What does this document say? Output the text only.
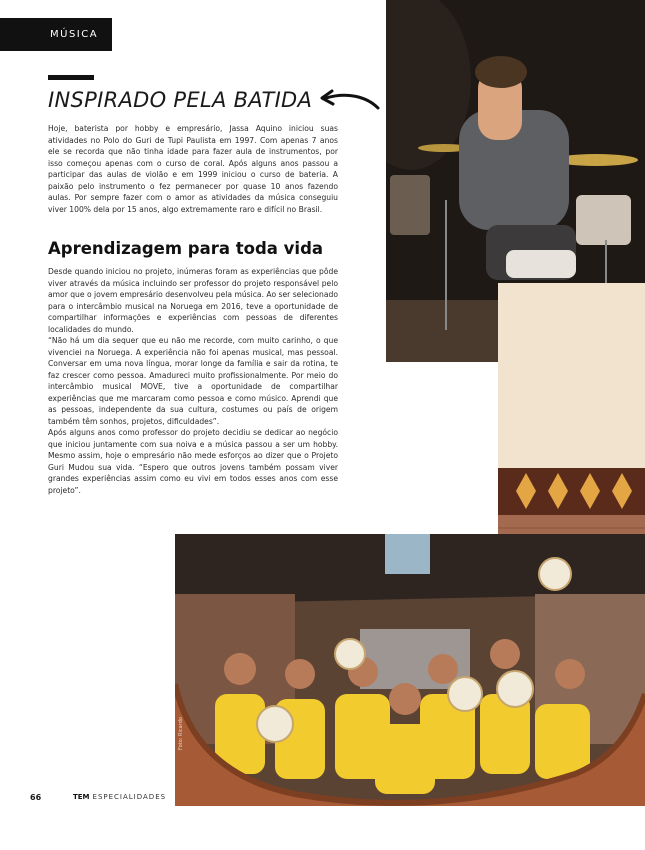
MÚSICA
INSPIRADO PELA BATIDA

Hoje, baterista por hobby e empresário, Jassa Aquino iniciou suas atividades no Polo do Guri de Tupi Paulista em 1997. Com apenas 7 anos ele se recorda que não tinha idade para fazer aula de instrumentos, por isso começou apenas com o curso de coral. Após alguns anos passou a participar das aulas de violão e em 1999 iniciou o curso de bateria. A paixão pelo instrumento o fez permanecer por quase 10 anos fazendo aulas. Por sempre fazer com o amor as atividades da música conseguiu viver 100% dela por 15 anos, algo extremamente raro e difícil no Brasil.

Aprendizagem para toda vida

Desde quando iniciou no projeto, inúmeras foram as experiências que pôde viver através da música incluindo ser professor do projeto responsável pelo amor que o jovem empresário desenvolveu pela música. Ao ser selecionado para o intercâmbio musical na Noruega em 2016, teve a oportunidade de compartilhar informações e experiências com pessoas de diferentes localidades do mundo.

“Não há um dia sequer que eu não me recorde, com muito carinho, o que vivenciei na Noruega. A experiência não foi apenas musical, mas pessoal. Conversar em uma nova língua, morar longe da família e sair da rotina, te faz crescer como pessoa. Amadureci muito profissionalmente. Por meio do intercâmbio musical MOVE, tive a oportunidade de compartilhar experiências que me marcaram como pessoa e como músico. Aprendi que as pessoas, independente da sua cultura, costumes ou país de origem também têm sonhos, projetos, dificuldades”.

Após alguns anos como professor do projeto decidiu se dedicar ao negócio que iniciou juntamente com sua noiva e a música passou a ser um hobby. Mesmo assim, hoje o empresário não mede esforços ao dizer que o Projeto Guri Mudou sua vida. “Espero que outros jovens também possam viver grandes experiências assim como eu vivi em todos esses anos com esse projeto”.

Foto: Ricardo
66	TEM ESPECIALIDADES
